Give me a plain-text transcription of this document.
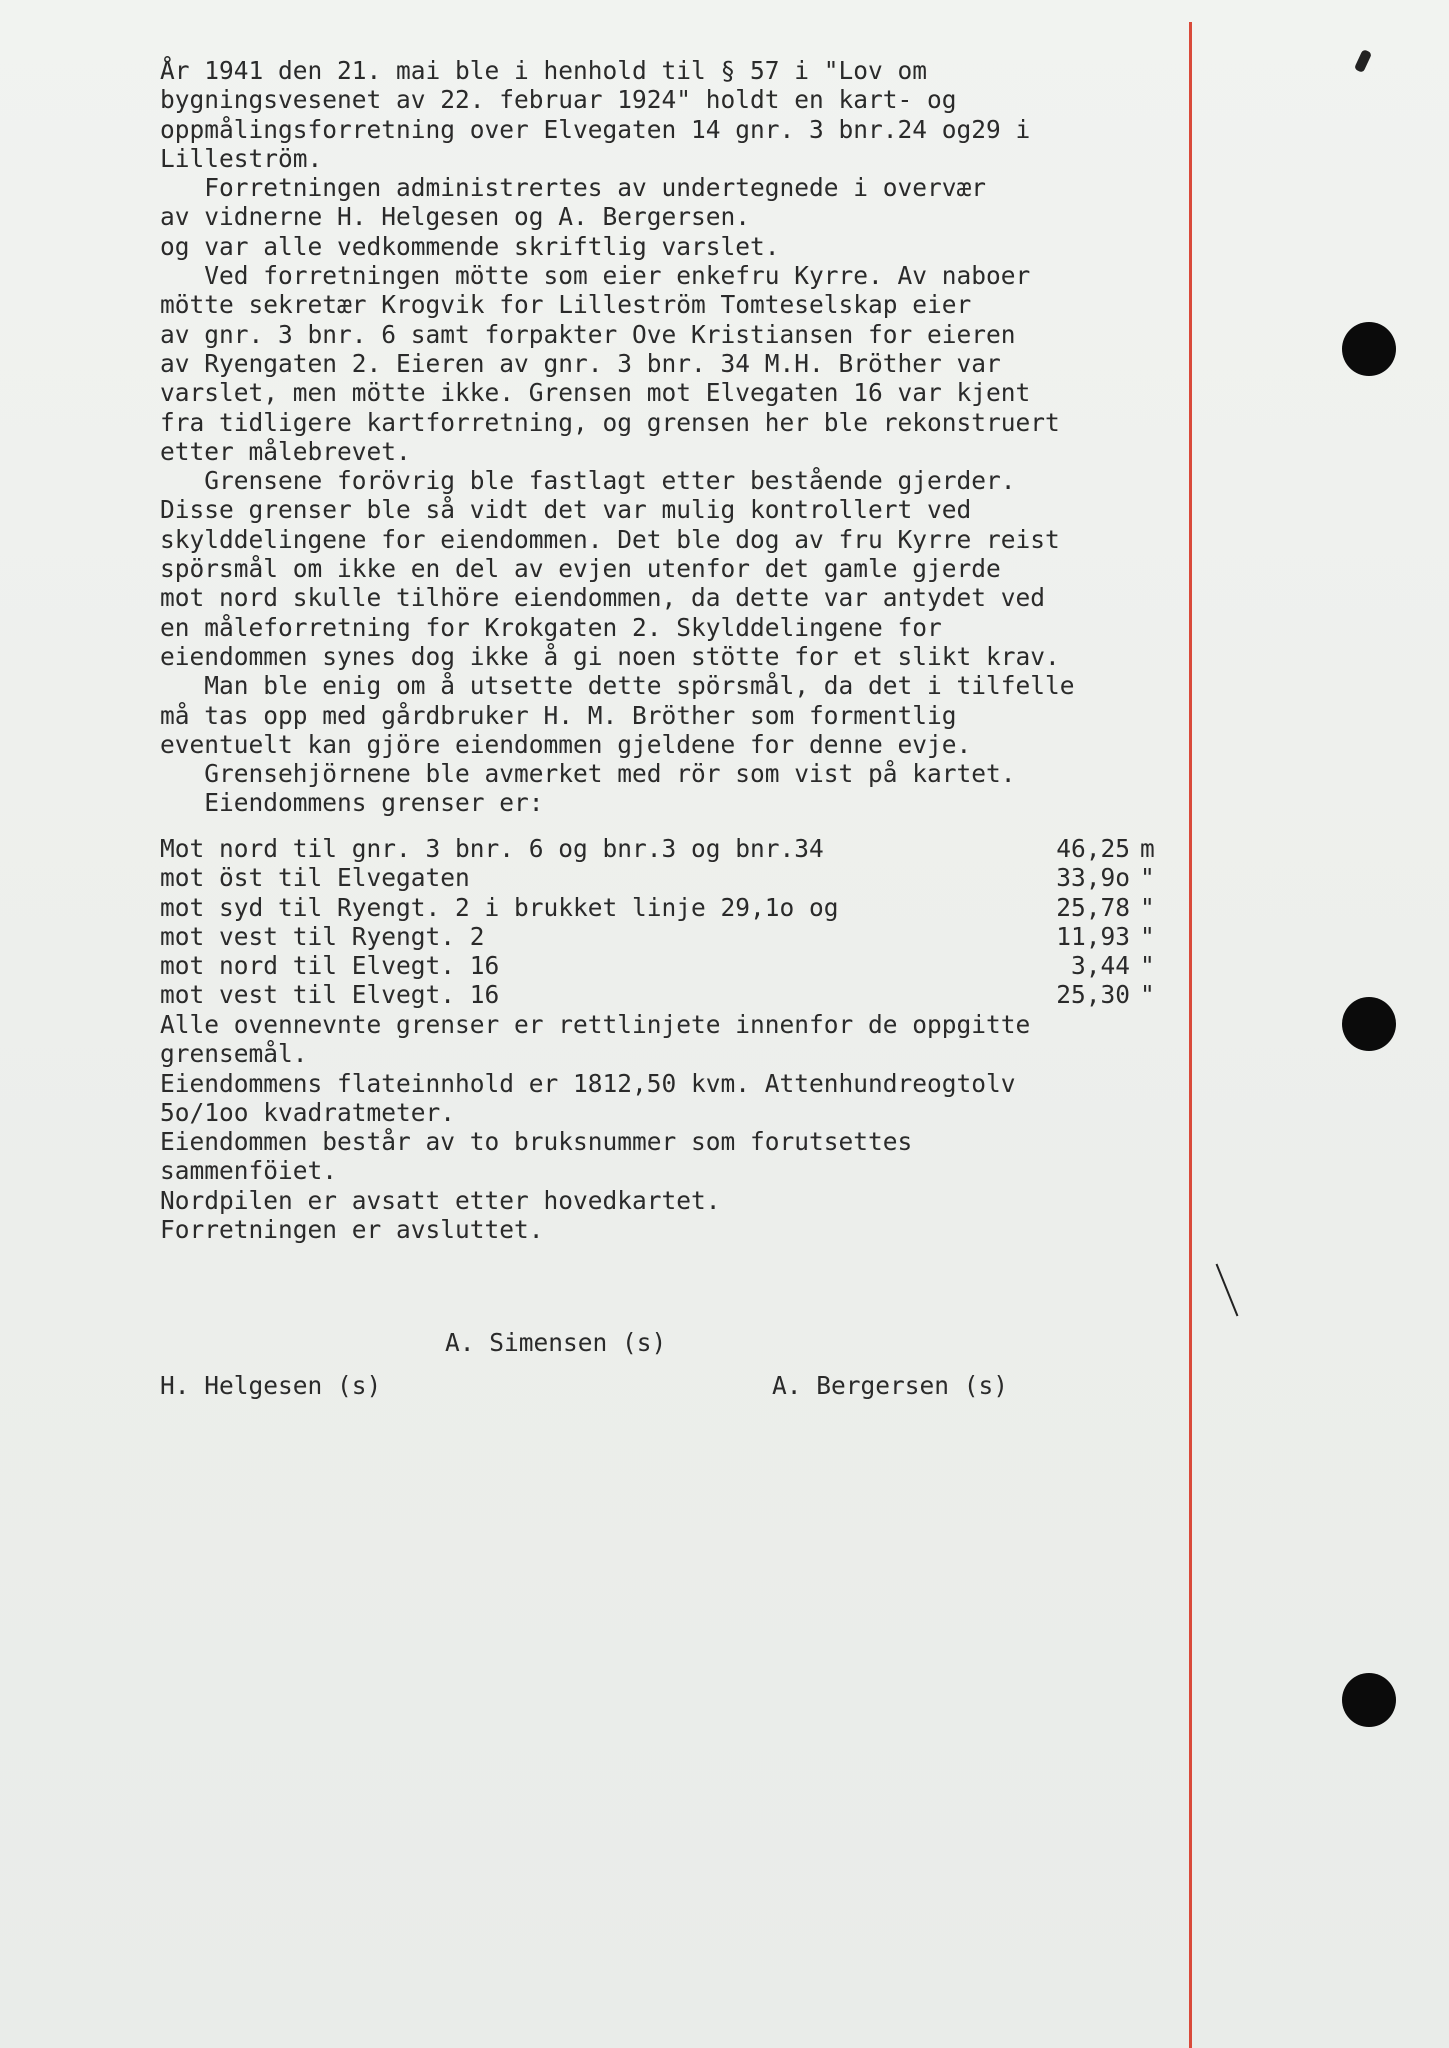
År 1941 den 21. mai ble i henhold til § 57 i "Lov om
bygningsvesenet av 22. februar 1924" holdt en kart- og
oppmålingsforretning over Elvegaten 14 gnr. 3 bnr.24 og29 i
Lilleström.
Forretningen administrertes av undertegnede i overvær
av vidnerne H. Helgesen og A. Bergersen.
og var alle vedkommende skriftlig varslet.
Ved forretningen mötte som eier enkefru Kyrre. Av naboer
mötte sekretær Krogvik for Lilleström Tomteselskap eier
av gnr. 3 bnr. 6 samt forpakter Ove Kristiansen for eieren
av Ryengaten 2. Eieren av gnr. 3 bnr. 34 M.H. Bröther var
varslet, men mötte ikke. Grensen mot Elvegaten 16 var kjent
fra tidligere kartforretning, og grensen her ble rekonstruert
etter målebrevet.
Grensene forövrig ble fastlagt etter bestående gjerder.
Disse grenser ble så vidt det var mulig kontrollert ved
skylddelingene for eiendommen. Det ble dog av fru Kyrre reist
spörsmål om ikke en del av evjen utenfor det gamle gjerde
mot nord skulle tilhöre eiendommen, da dette var antydet ved
en måleforretning for Krokgaten 2. Skylddelingene for
eiendommen synes dog ikke å gi noen stötte for et slikt krav.
Man ble enig om å utsette dette spörsmål, da det i tilfelle
må tas opp med gårdbruker H. M. Bröther som formentlig
eventuelt kan gjöre eiendommen gjeldene for denne evje.
Grensehjörnene ble avmerket med rör som vist på kartet.
Eiendommens grenser er:
Mot nord til gnr. 3 bnr. 6 og bnr.3 og bnr.34	46,25 m
mot öst til Elvegaten	33,9o "
mot syd til Ryengt. 2 i brukket linje 29,1o og	25,78 "
mot vest til Ryengt. 2	11,93 "
mot nord til Elvegt. 16	3,44 "
mot vest til Elvegt. 16	25,30 "
Alle ovennevnte grenser er rettlinjete innenfor de oppgitte
grensemål.
Eiendommens flateinnhold er 1812,50 kvm. Attenhundreogtolv
5o/1oo kvadratmeter.
Eiendommen består av to bruksnummer som forutsettes
sammenföiet.
Nordpilen er avsatt etter hovedkartet.
Forretningen er avsluttet.
A. Simensen (s)
H. Helgesen (s)	A. Bergersen (s)
